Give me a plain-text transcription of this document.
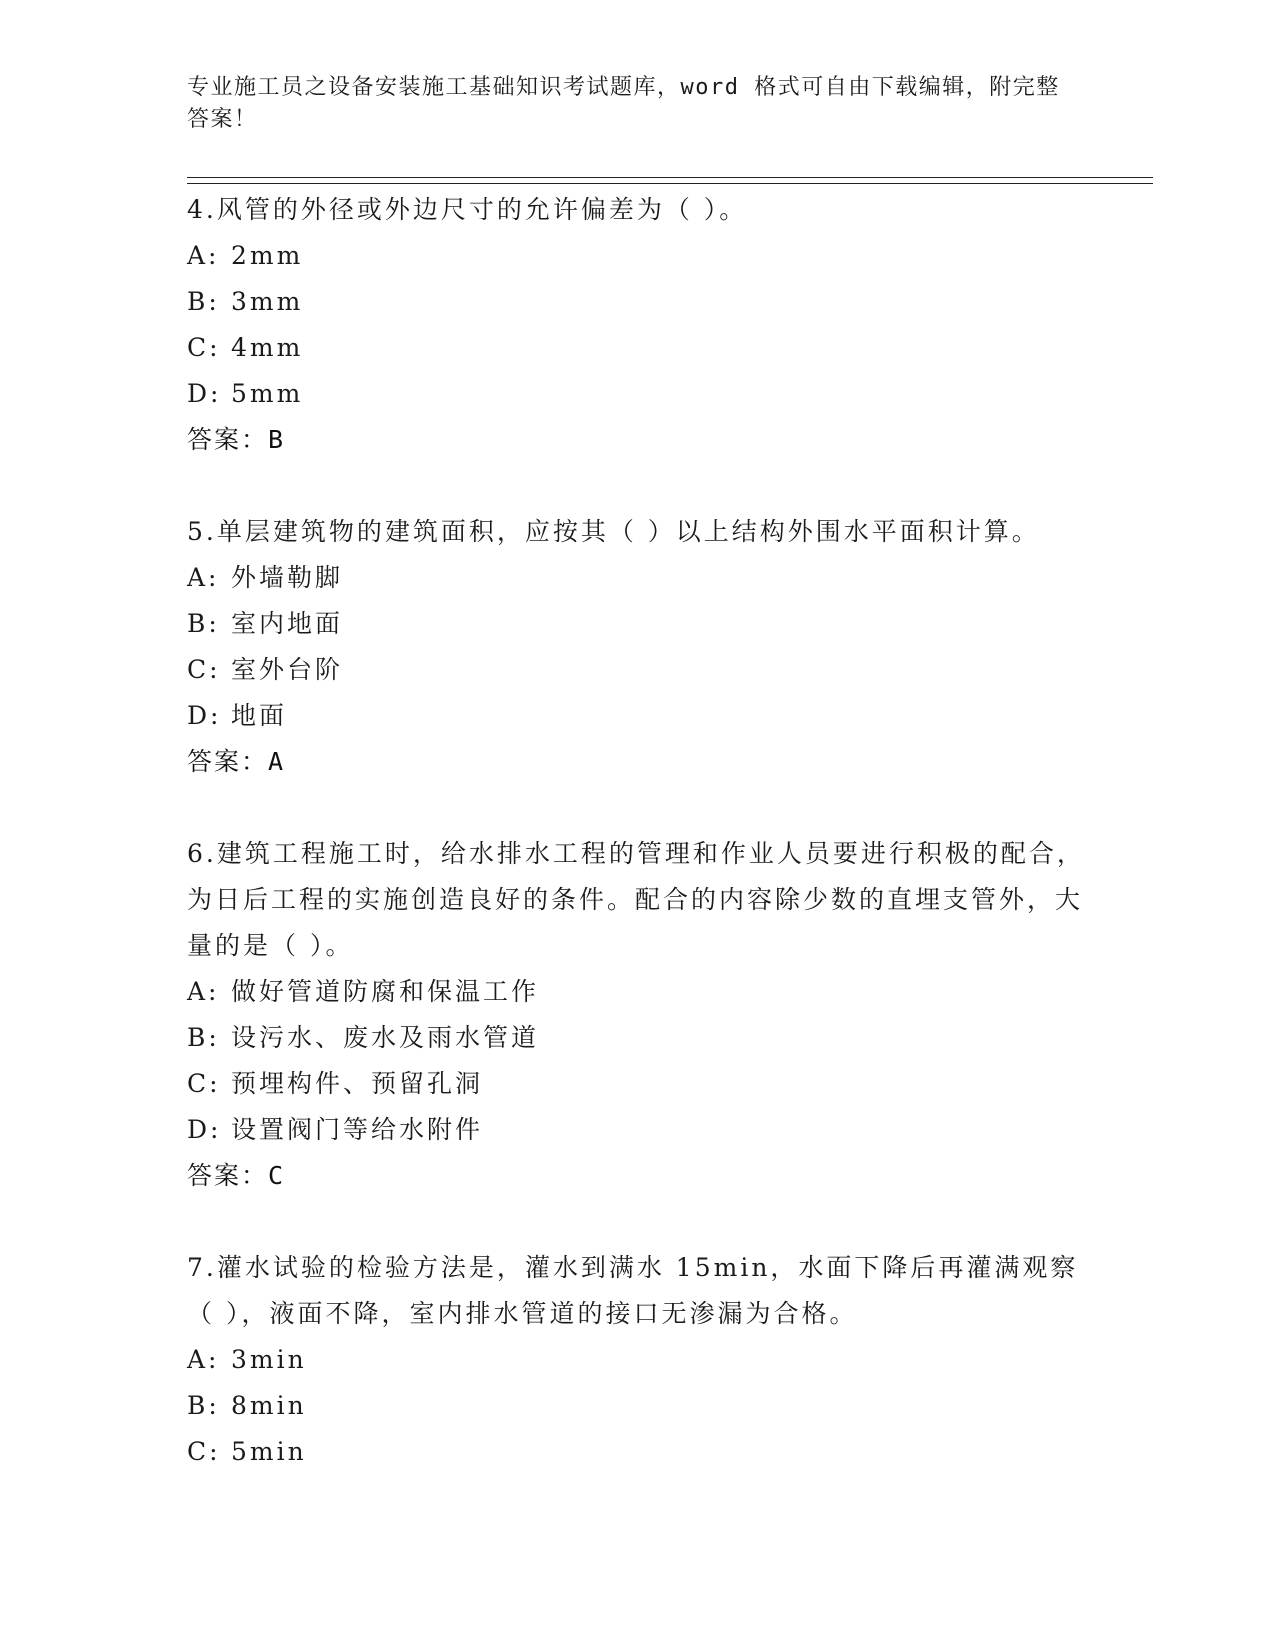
专业施工员之设备安装施工基础知识考试题库，word 格式可自由下载编辑，附完整答案！
4.风管的外径或外边尺寸的允许偏差为（ ）。
A: 2mm
B: 3mm
C: 4mm
D: 5mm
答案：B
5.单层建筑物的建筑面积，应按其（ ）以上结构外围水平面积计算。
A: 外墙勒脚
B: 室内地面
C: 室外台阶
D: 地面
答案：A
6.建筑工程施工时，给水排水工程的管理和作业人员要进行积极的配合，为日后工程的实施创造良好的条件。配合的内容除少数的直埋支管外，大量的是（ ）。
A: 做好管道防腐和保温工作
B: 设污水、废水及雨水管道
C: 预埋构件、预留孔洞
D: 设置阀门等给水附件
答案：C
7.灌水试验的检验方法是，灌水到满水 15min，水面下降后再灌满观察（ ），液面不降，室内排水管道的接口无渗漏为合格。
A: 3min
B: 8min
C: 5min
